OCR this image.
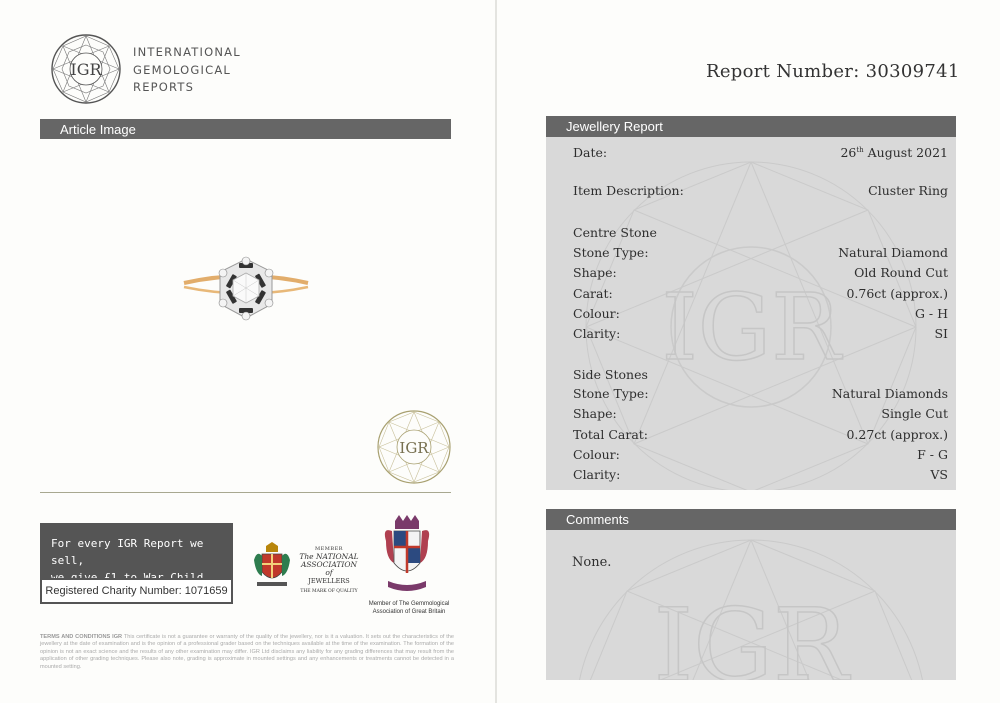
IGR
INTERNATIONAL
GEMOLOGICAL
REPORTS
Article Image
IGR
For every IGR Report we sell,
Registered Charity Number: 1071659
MEMBER
The NATIONAL
ASSOCIATION of
JEWELLERS
THE MARK OF QUALITY
Member of The Gemmological
Association of Great Britain
TERMS AND CONDITIONS IGR This certificate is not a guarantee or warranty of the quality of the jewellery, nor is it a valuation. It sets out the characteristics of the jewellery at the date of examination and is the opinion of a professional grader based on the techniques available at the time of the examination. The formation of the opinion is not an exact science and the results of any other examination may differ. IGR Ltd disclaims any liability for any grading differences that may result from the application of other grading techniques. Please also note, grading is approximate in mounted settings and any enhancements or treatments cannot be detected in a mounted setting.
Report Number: 30309741
Jewellery Report
IGR
Date:	26th August 2021
Item Description:	Cluster Ring
Centre Stone
Stone Type:	Natural Diamond
Shape:	Old Round Cut
Carat:	0.76ct (approx.)
Colour:	G - H
Clarity:	SI
Side Stones
Stone Type:	Natural Diamonds
Shape:	Single Cut
Total Carat:	0.27ct (approx.)
Colour:	F - G
Clarity:	VS
Comments
IGR
None.
